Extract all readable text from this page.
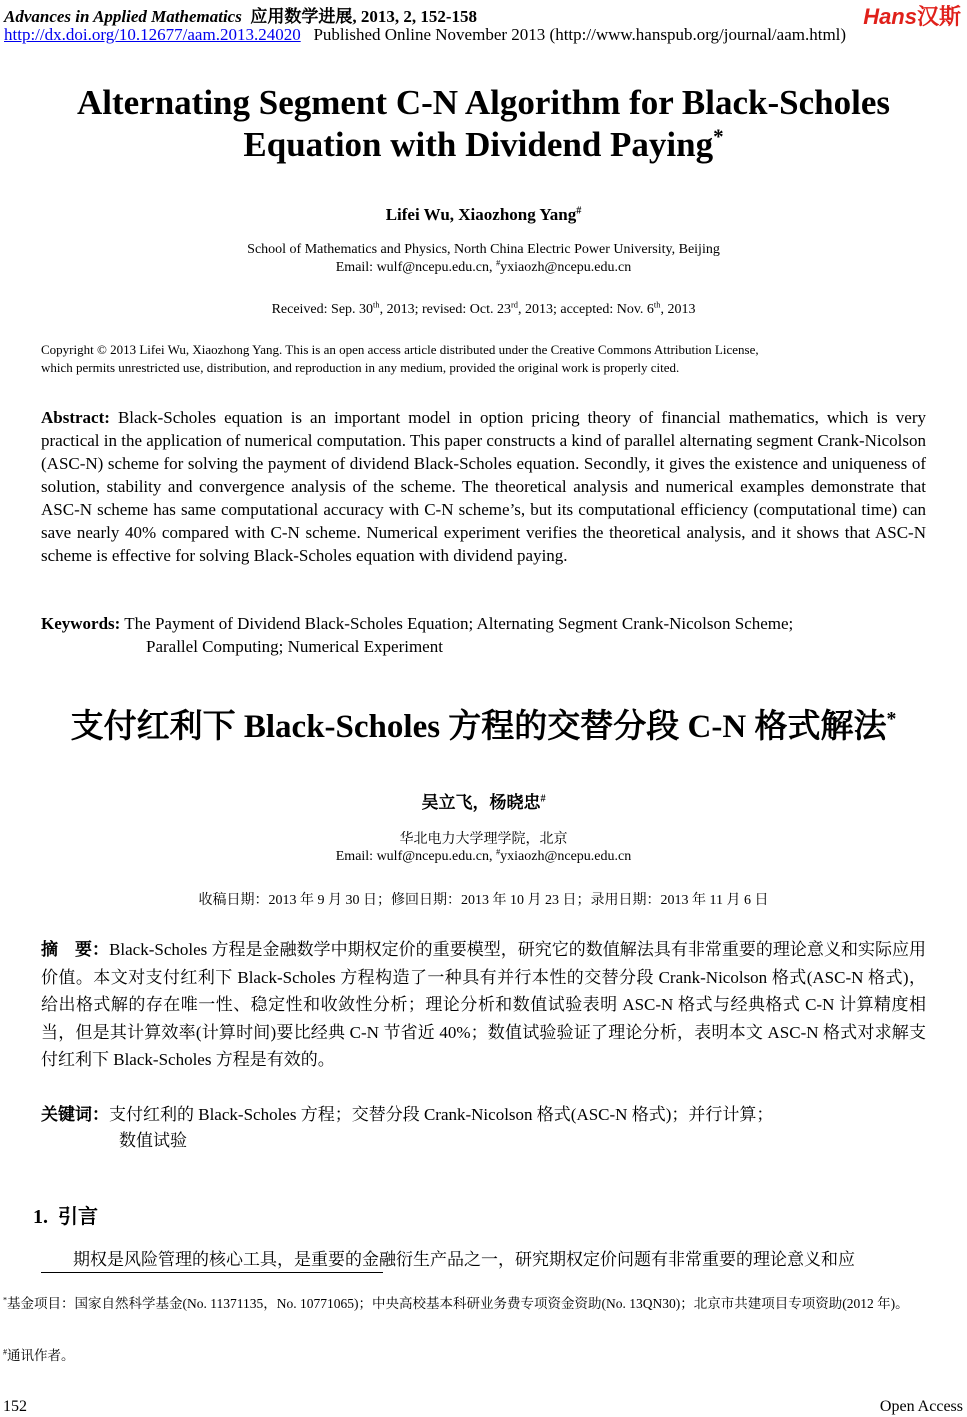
Advances in Applied Mathematics 应用数学进展, 2013, 2, 152-158	Hans汉斯
http://dx.doi.org/10.12677/aam.2013.24020 Published Online November 2013 (http://www.hanspub.org/journal/aam.html)
Alternating Segment C-N Algorithm for Black-Scholes
Equation with Dividend Paying*
Lifei Wu, Xiaozhong Yang#
School of Mathematics and Physics, North China Electric Power University, Beijing
Email: wulf@ncepu.edu.cn, #yxiaozh@ncepu.edu.cn
Received: Sep. 30th, 2013; revised: Oct. 23rd, 2013; accepted: Nov. 6th, 2013
Copyright © 2013 Lifei Wu, Xiaozhong Yang. This is an open access article distributed under the Creative Commons Attribution License,
which permits unrestricted use, distribution, and reproduction in any medium, provided the original work is properly cited.
Abstract: Black-Scholes equation is an important model in option pricing theory of financial mathematics, which is very practical in the application of numerical computation. This paper constructs a kind of parallel alternating segment Crank-Nicolson (ASC-N) scheme for solving the payment of dividend Black-Scholes equation. Secondly, it gives the existence and uniqueness of solution, stability and convergence analysis of the scheme. The theoretical analysis and numerical examples demonstrate that ASC-N scheme has same computational accuracy with C-N scheme’s, but its computational efficiency (computational time) can save nearly 40% compared with C-N scheme. Numerical experiment verifies the theoretical analysis, and it shows that ASC-N scheme is effective for solving Black-Scholes equation with dividend paying.
Keywords: The Payment of Dividend Black-Scholes Equation; Alternating Segment Crank-Nicolson Scheme;
Parallel Computing; Numerical Experiment
支付红利下 Black-Scholes 方程的交替分段 C-N 格式解法*
吴立飞，杨晓忠#
华北电力大学理学院，北京
Email: wulf@ncepu.edu.cn, #yxiaozh@ncepu.edu.cn
收稿日期：2013 年 9 月 30 日；修回日期：2013 年 10 月 23 日；录用日期：2013 年 11 月 6 日
摘　要：Black-Scholes 方程是金融数学中期权定价的重要模型，研究它的数值解法具有非常重要的理论意义和实际应用价值。本文对支付红利下 Black-Scholes 方程构造了一种具有并行本性的交替分段 Crank-Nicolson 格式(ASC-N 格式)，给出格式解的存在唯一性、稳定性和收敛性分析；理论分析和数值试验表明 ASC-N 格式与经典格式 C-N 计算精度相当，但是其计算效率(计算时间)要比经典 C-N 节省近 40%；数值试验验证了理论分析，表明本文 ASC-N 格式对求解支付红利下 Black-Scholes 方程是有效的。
关键词：支付红利的 Black-Scholes 方程；交替分段 Crank-Nicolson 格式(ASC-N 格式)；并行计算；
数值试验
1. 引言
期权是风险管理的核心工具，是重要的金融衍生产品之一，研究期权定价问题有非常重要的理论意义和应
*基金项目：国家自然科学基金(No. 11371135，No. 10771065)；中央高校基本科研业务费专项资金资助(No. 13QN30)；北京市共建项目专项资助(2012 年)。
#通讯作者。
152	Open Access
